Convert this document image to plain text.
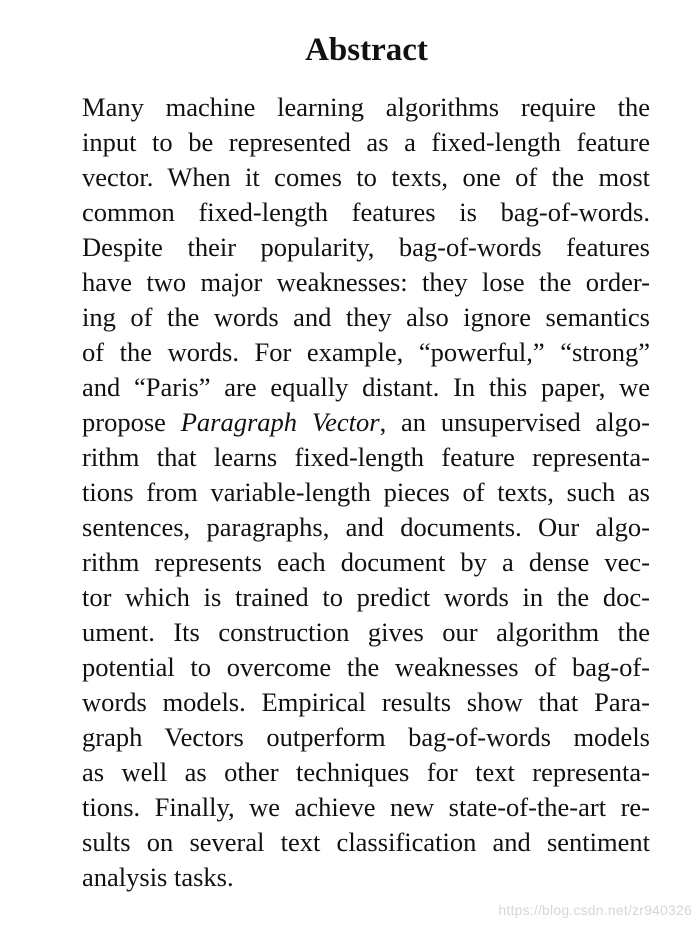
Abstract
Many machine learning algorithms require the
input to be represented as a fixed-length feature
vector. When it comes to texts, one of the most
common fixed-length features is bag-of-words.
Despite their popularity, bag-of-words features
have two major weaknesses: they lose the order-
ing of the words and they also ignore semantics
of the words. For example, “powerful,” “strong”
and “Paris” are equally distant. In this paper, we
propose Paragraph Vector, an unsupervised algo-
rithm that learns fixed-length feature representa-
tions from variable-length pieces of texts, such as
sentences, paragraphs, and documents. Our algo-
rithm represents each document by a dense vec-
tor which is trained to predict words in the doc-
ument. Its construction gives our algorithm the
potential to overcome the weaknesses of bag-of-
words models. Empirical results show that Para-
graph Vectors outperform bag-of-words models
as well as other techniques for text representa-
tions. Finally, we achieve new state-of-the-art re-
sults on several text classification and sentiment
analysis tasks.
https://blog.csdn.net/zr940326
